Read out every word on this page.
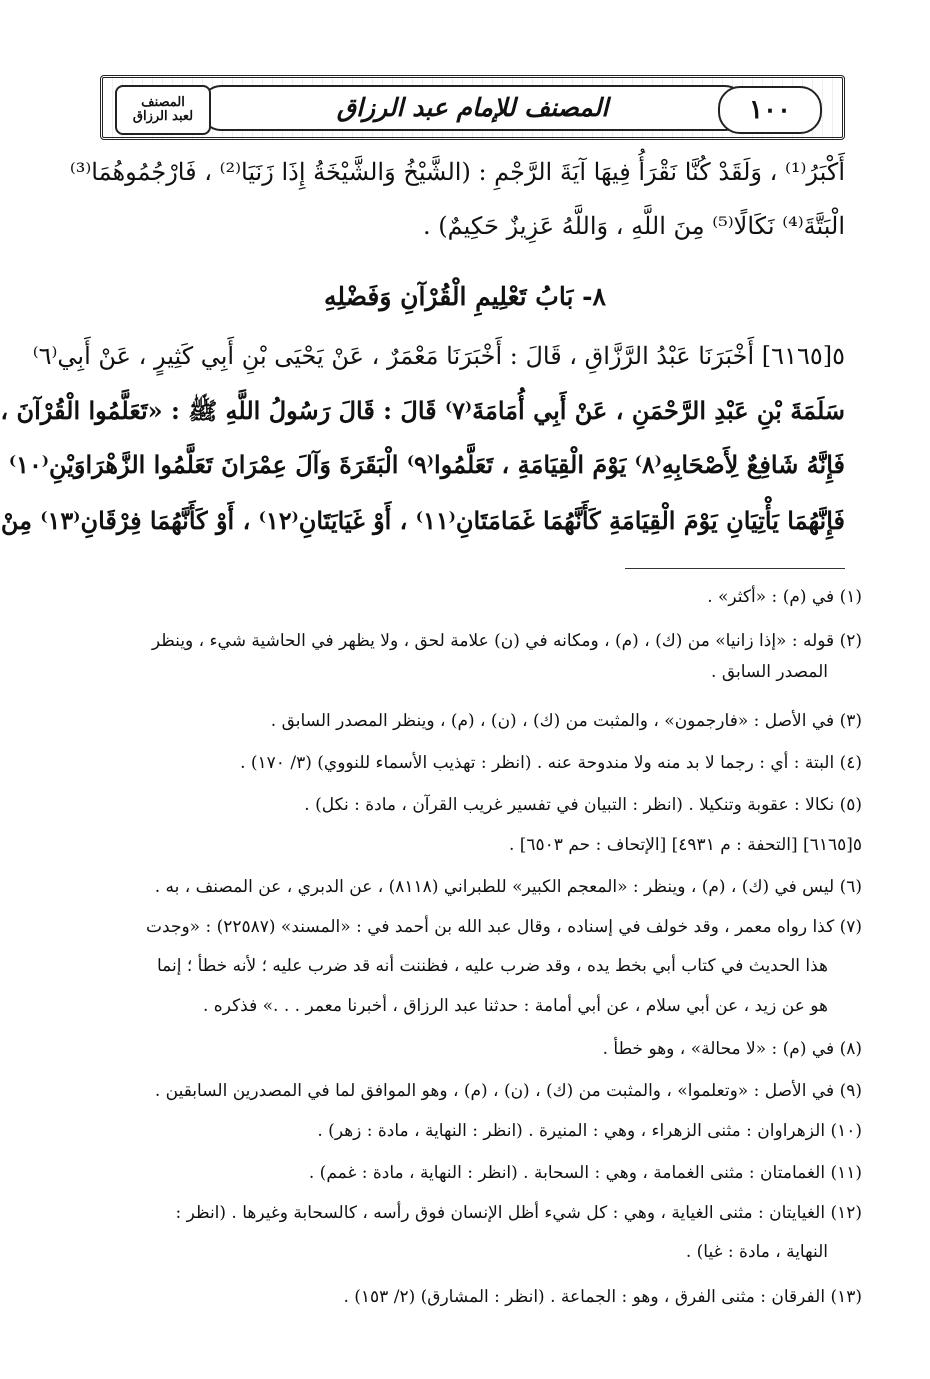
١٠٠
المصنف للإمام عبد الرزاق
المصنف
لعبد الرزاق
أَكْبَرُ⁽¹⁾ ، وَلَقَدْ كُنَّا نَقْرَأُ فِيهَا آيَةَ الرَّجْمِ : (الشَّيْخُ وَالشَّيْخَةُ إِذَا زَنَيَا⁽²⁾ ، فَارْجُمُوهُمَا⁽³⁾
الْبَتَّةَ⁽⁴⁾ نَكَالًا⁽⁵⁾ مِنَ اللَّهِ ، وَاللَّهُ عَزِيزٌ حَكِيمٌ) .
٨- بَابُ تَعْلِيمِ الْقُرْآنِ وَفَضْلِهِ
٥[٦١٦٥] أَخْبَرَنَا عَبْدُ الرَّزَّاقِ ، قَالَ : أَخْبَرَنَا مَعْمَرٌ ، عَنْ يَحْيَى بْنِ أَبِي كَثِيرٍ ، عَنْ أَبِي⁽٦⁾
سَلَمَةَ بْنِ عَبْدِ الرَّحْمَنِ ، عَنْ أَبِي أُمَامَةَ⁽٧⁾ قَالَ : قَالَ رَسُولُ اللَّهِ ﷺ : «تَعَلَّمُوا الْقُرْآنَ ،
فَإِنَّهُ شَافِعٌ لِأَصْحَابِهِ⁽٨⁾ يَوْمَ الْقِيَامَةِ ، تَعَلَّمُوا⁽٩⁾ الْبَقَرَةَ وَآلَ عِمْرَانَ تَعَلَّمُوا الزَّهْرَاوَيْنِ⁽١٠⁾
فَإِنَّهُمَا يَأْتِيَانِ يَوْمَ الْقِيَامَةِ كَأَنَّهُمَا غَمَامَتَانِ⁽١١⁾ ، أَوْ غَيَايَتَانِ⁽١٢⁾ ، أَوْ كَأَنَّهُمَا فِرْقَانِ⁽١٣⁾ مِنْ
(١) في (م) : «أكثر» .
(٢) قوله : «إذا زانيا» من (ك) ، (م) ، ومكانه في (ن) علامة لحق ، ولا يظهر في الحاشية شيء ، وينظر
المصدر السابق .
(٣) في الأصل : «فارجمون» ، والمثبت من (ك) ، (ن) ، (م) ، وينظر المصدر السابق .
(٤) البتة : أي : رجما لا بد منه ولا مندوحة عنه . (انظر : تهذيب الأسماء للنووي) (٣/ ١٧٠) .
(٥) نكالا : عقوبة وتنكيلا . (انظر : التبيان في تفسير غريب القرآن ، مادة : نكل) .
٥[٦١٦٥] [التحفة : م ٤٩٣١] [الإتحاف : حم ٦٥٠٣] .
(٦) ليس في (ك) ، (م) ، وينظر : «المعجم الكبير» للطبراني (٨١١٨) ، عن الدبري ، عن المصنف ، به .
(٧) كذا رواه معمر ، وقد خولف في إسناده ، وقال عبد الله بن أحمد في : «المسند» (٢٢٥٨٧) : «وجدت
هذا الحديث في كتاب أبي بخط يده ، وقد ضرب عليه ، فظننت أنه قد ضرب عليه ؛ لأنه خطأ ؛ إنما
هو عن زيد ، عن أبي سلام ، عن أبي أمامة : حدثنا عبد الرزاق ، أخبرنا معمر . . .» فذكره .
(٨) في (م) : «لا محالة» ، وهو خطأ .
(٩) في الأصل : «وتعلموا» ، والمثبت من (ك) ، (ن) ، (م) ، وهو الموافق لما في المصدرين السابقين .
(١٠) الزهراوان : مثنى الزهراء ، وهي : المنيرة . (انظر : النهاية ، مادة : زهر) .
(١١) الغمامتان : مثنى الغمامة ، وهي : السحابة . (انظر : النهاية ، مادة : غمم) .
(١٢) الغيايتان : مثنى الغياية ، وهي : كل شيء أظل الإنسان فوق رأسه ، كالسحابة وغيرها . (انظر :
النهاية ، مادة : غيا) .
(١٣) الفرقان : مثنى الفرق ، وهو : الجماعة . (انظر : المشارق) (٢/ ١٥٣) .
